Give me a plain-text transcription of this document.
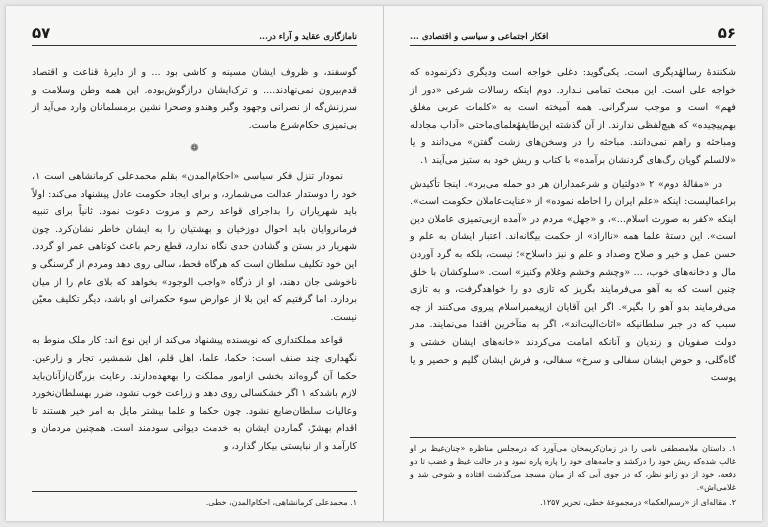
۵۷	نامازگاری عقاید و آراء در...

گوسفند، و ظروف ایشان مسینه و کاشی بود ... و از دایرهٔ قناعت و اقتصاد قدم‌بیرون نمی‌نهادند.... و ترک‌ایشان درازگوش‌بوده. این همه وطن وسلامت و سرزنش‌گه از نصرانی وجهود وگبر وهندو وصحرا نشین برمسلمانان وارد می‌آید از بی‌تمیزی حکام‌شرع ماست.

❁

نمودار تنزل فکر سیاسی «احکام‌المدن» بقلم محمدعلی کرمانشاهی است ۱، خود را دوستدار عدالت می‌شمارد، و برای ایجاد حکومت عادل پیشنهاد می‌کند: اولاً باید شهریاران را بداجرای قواعد رحم و مروت دعوت نمود. ثانیاً برای تنبیه فرمانروایان باید احوال دوزخیان و بهشتیان را به ایشان خاطر نشان‌کرد. چون شهریار در بستن و گشادن حدی نگاه ندارد، قطع رحم باعث کوتاهی عمر او گردد. این خود تکلیف سلطان است که هرگاه قحط، سالی روی دهد ومردم از گرسنگی و ناخوشی جان دهند، او از ذرگاه «واجب الوجود» بخواهد که بلای عام را از میان بردارد. اما گرفتیم که این بلا از عوارض سوء حکمرانی او باشد، دیگر تکلیف معیّن نیست.

قواعد مملکتداری که نویسنده پیشنهاد می‌کند از این نوع اند: کار ملک منوط به نگهداری چند صنف است: حکما، علما، اهل قلم، اهل شمشیر، تجار و زارعین. حکما آن گروه‌اند بخشی ازامور مملکت را بهعهده‌دارند. رعایت بزرگان‌ازآنان‌باید لازم باشد‌که ۱ اگر خشکسالی روی دهد و زراعت خوب نشود، ضرر بهسلطان‌نخورد وعالیات سلطان‌ضایع نشود. چون حکما و علما بیشتر مایل به امر خیر هستند تا اقدام بهشرّ، گماردن ایشان به خدمت دیوانی سودمند است. همچنین مردمان و کارآمد و از نبایستی بیکار گذارد، و

۱. محمدعلی کرمانشاهی، احکام‌المدن، خطی.

افکار اجتماعی و سیاسی و اقتصادی ...	۵۶

شکنندهٔ رسالهٔدیگری است. یکی‌گوید: دغلی خواجه است ودیگری ذکرنموده که خواجه علی است. این مبحث تمامی نـدارد. دوم اینکه رسالات شرعی «دور از فهم» است و موجب سرگرانی. همه آمیخته است به «کلمات عربی مغلق بهم‌پیچیده» که هیچ‌لفظی ندارند. از آن گذشته این‌طایفهٔعلمای‌ماحتی «آداب مجادله ومباحثه و راهم نمی‌دانند. مباحثه را در وسخن‌های زشت گفتن» می‌دانند و یا «لالسلم گویان رگ‌های گردنشان برآمده» با کتاب و ریش خود به ستیز می‌آیند ۱.

در «مقالهٔ دوم» ۲ «دولتیان و شرعمداران هر دو حمله می‌برد». اینجا تأکیدش براعمالیست: اینکه «علم ایران را احاطه نموده» از «عنایت‌عاملان حکومت است». اینکه «کفر به صورت اسلام...»، و «جهل» مردم در «آمده ازبی‌تمیزی عاملان دین است». این دستهٔ علما همه «نااراذ» از حکمت بیگانه‌اند. اعتبار ایشان به علم و حسن عمل و خیر و صلاح وصداد و علم و نیز داسلاح»؛ نیست، بلکه به گرد آوردن مال و دخانه‌های خوب، ... «وچشم وخشم وغلام وکنیز» است. «سلوکشان با خلق چنین است که به آهو می‌فرمایند بگریز که تازی دو را خواهدگرفت، و به تازی می‌فرمایند بدو آهو را بگیر». اگر این آقایان ازپیغمبراسلام پیروی می‌کنند از چه سبب که در جبر سلطانیکه «اثاث‌الیت‌اند»، اگر به متآخرین اقتدا می‌نمایند. مدر دولت صفویان و زندیان و آنانکه امامت می‌کردند «خانه‌های ایشان خشتی و گاه‌گلی، و حوض ایشان سفالی و سرخ» سفالی، و فرش ایشان گلیم و حصیر و یا پوست

۱. داستان ملامصطفی نامی را در زمان‌کریمخان می‌آورد که درمجلس مناظره «چنان‌غیظ بر او غالب شده‌که ریش خود را درکشد و جامه‌های خود را پاره پاره نمود و در حالت غیظ و غضب تا دو دفعه، خود از دو زانو نظر، که در جوی آبی که از میان مسجد می‌گذشت افتاده و شوخی شد و غلامی‌اش».

۲. مقاله‌ای از «رسم‌العکما» درمجموعهٔ خطی، تحریر ۱۲۵۷.
